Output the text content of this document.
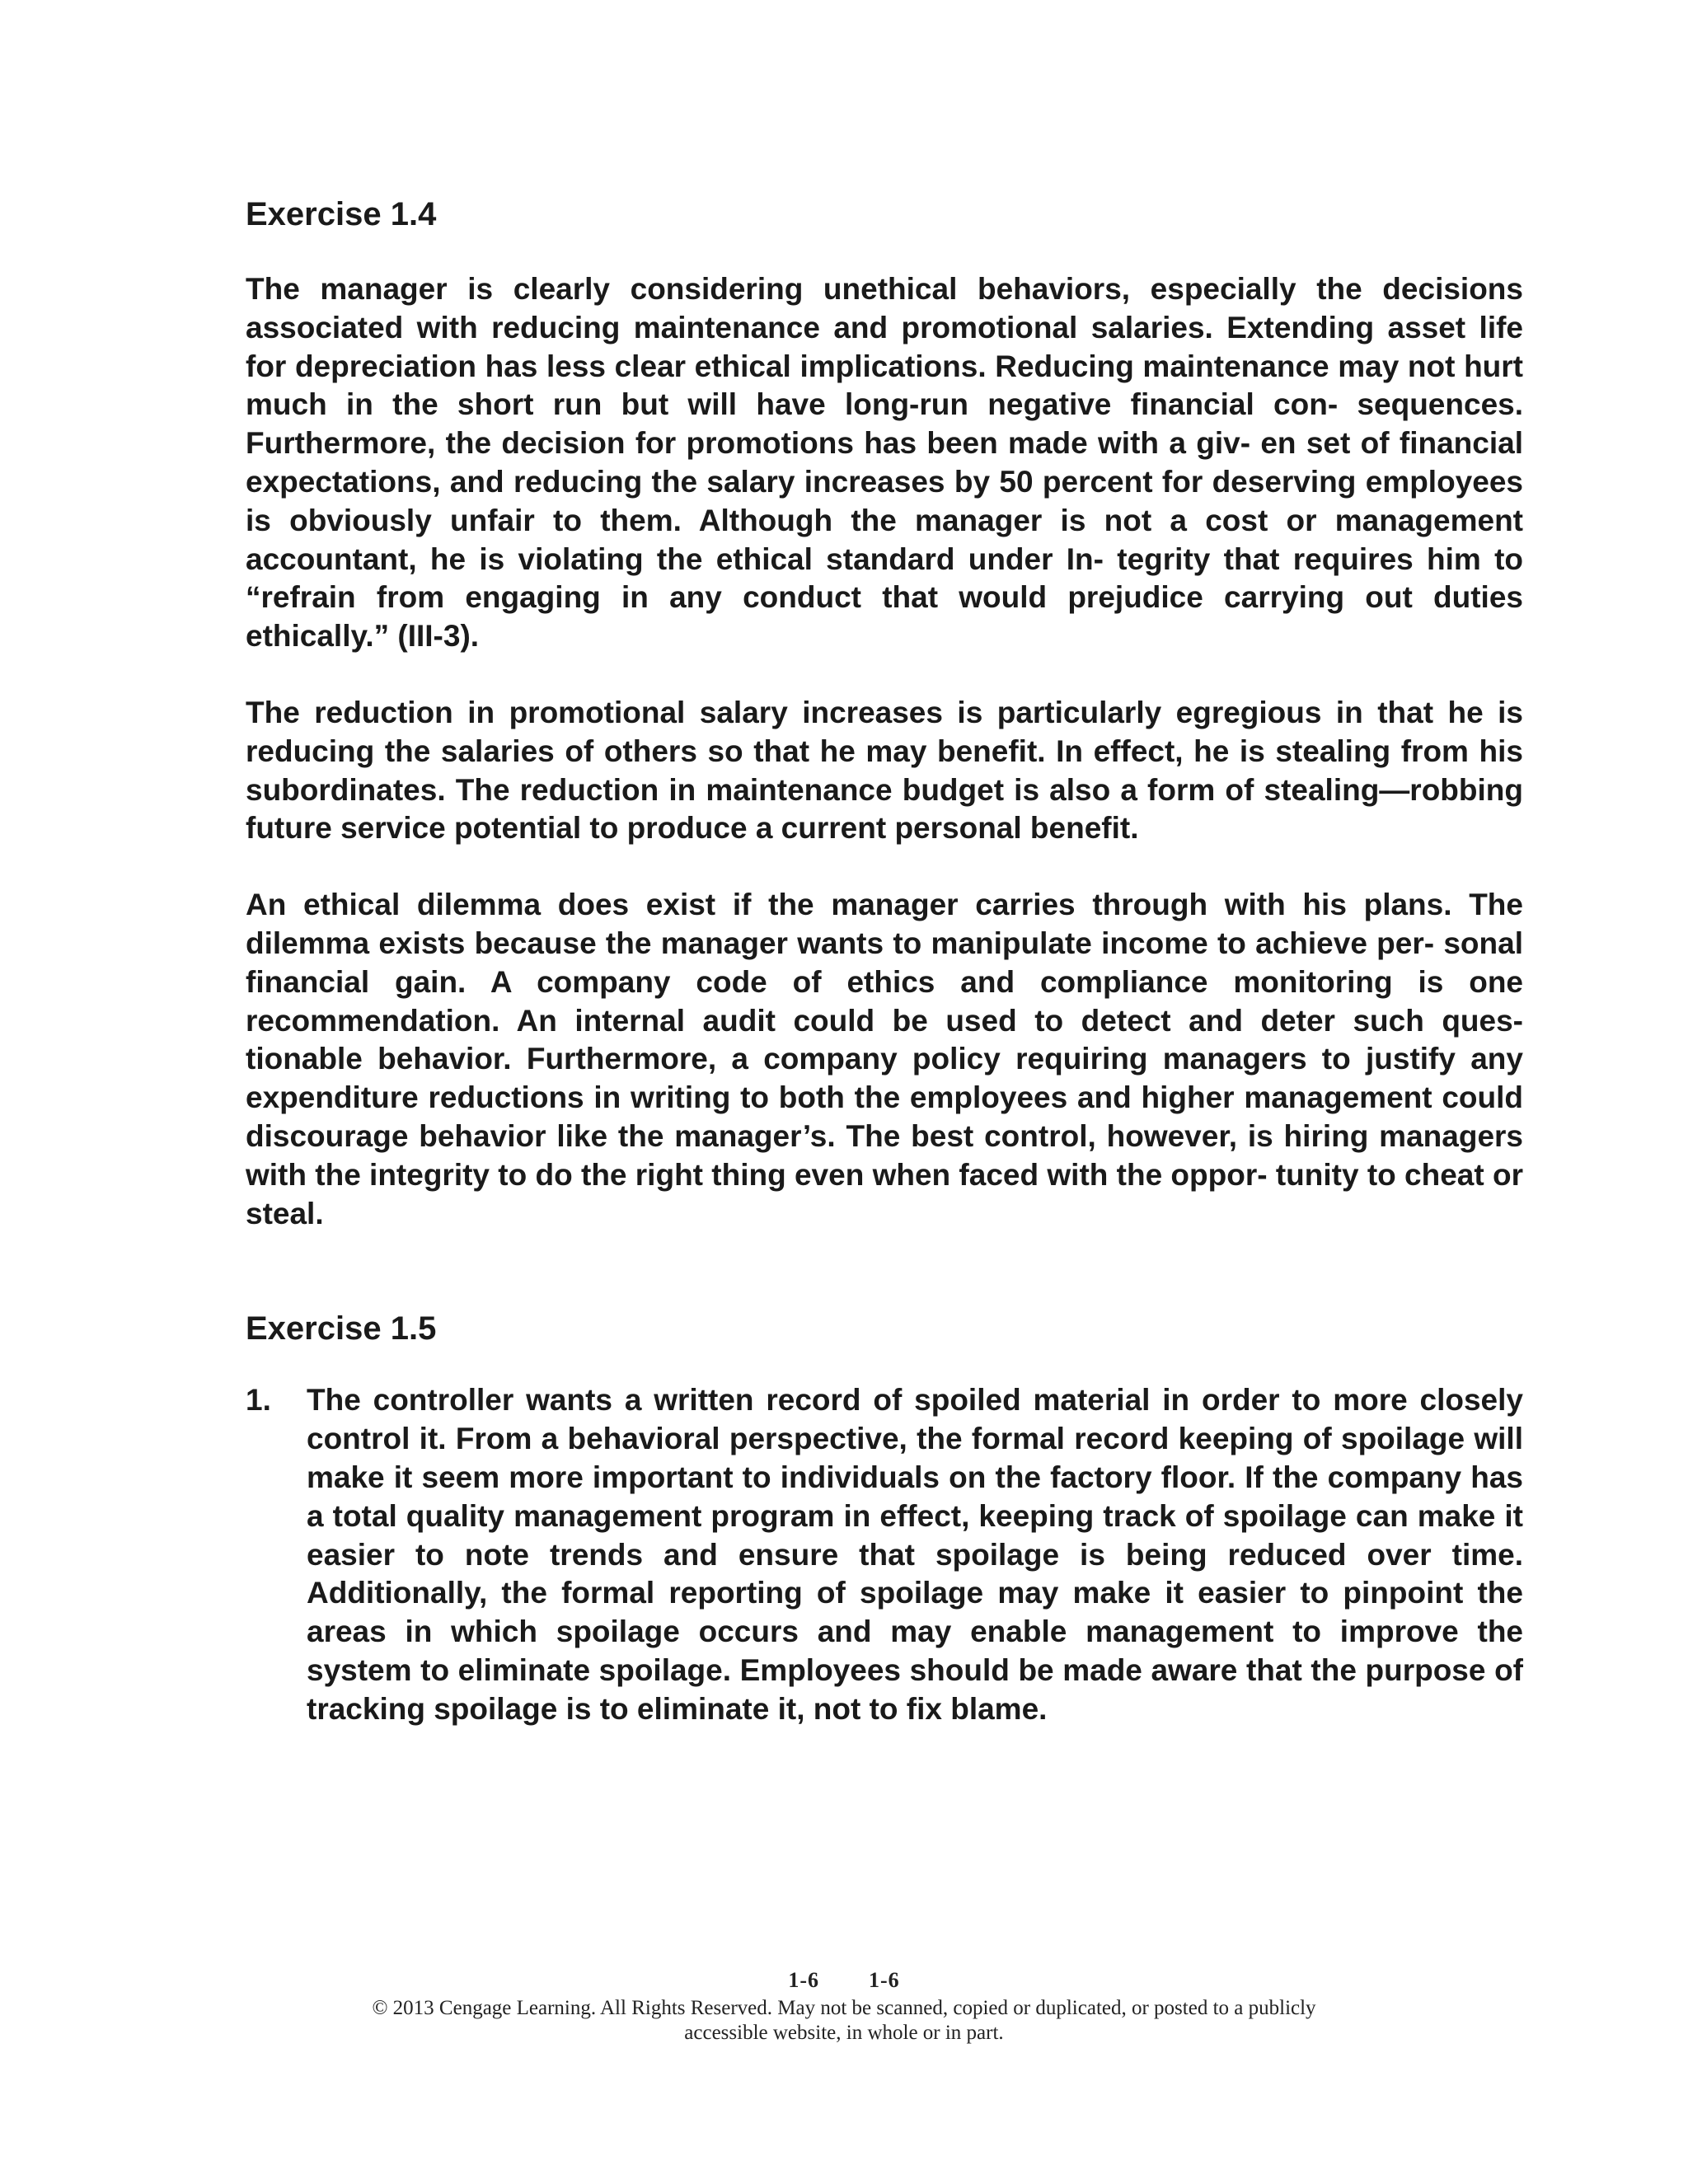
Exercise 1.4

The manager is clearly considering unethical behaviors, especially the decisions associated with reducing maintenance and promotional salaries. Extending asset life for depreciation has less clear ethical implications. Reducing maintenance may not hurt much in the short run but will have long-run negative financial con- sequences. Furthermore, the decision for promotions has been made with a giv- en set of financial expectations, and reducing the salary increases by 50 percent for deserving employees is obviously unfair to them. Although the manager is not a cost or management accountant, he is violating the ethical standard under In- tegrity that requires him to “refrain from engaging in any conduct that would prejudice carrying out duties ethically.” (III-3).

The reduction in promotional salary increases is particularly egregious in that he is reducing the salaries of others so that he may benefit. In effect, he is stealing from his subordinates. The reduction in maintenance budget is also a form of stealing—robbing future service potential to produce a current personal benefit.

An ethical dilemma does exist if the manager carries through with his plans. The dilemma exists because the manager wants to manipulate income to achieve per- sonal financial gain. A company code of ethics and compliance monitoring is one recommendation. An internal audit could be used to detect and deter such ques- tionable behavior. Furthermore, a company policy requiring managers to justify any expenditure reductions in writing to both the employees and higher management could discourage behavior like the manager’s. The best control, however, is hiring managers with the integrity to do the right thing even when faced with the oppor- tunity to cheat or steal.

Exercise 1.5
1.	The controller wants a written record of spoiled material in order to more closely control it. From a behavioral perspective, the formal record keeping of spoilage will make it seem more important to individuals on the factory floor. If the company has a total quality management program in effect, keeping track of spoilage can make it easier to note trends and ensure that spoilage is being reduced over time. Additionally, the formal reporting of spoilage may make it easier to pinpoint the areas in which spoilage occurs and may enable management to improve the system to eliminate spoilage. Employees should be made aware that the purpose of tracking spoilage is to eliminate it, not to fix blame.

1-6 1-6
© 2013 Cengage Learning. All Rights Reserved. May not be scanned, copied or duplicated, or posted to a publicly
accessible website, in whole or in part.
